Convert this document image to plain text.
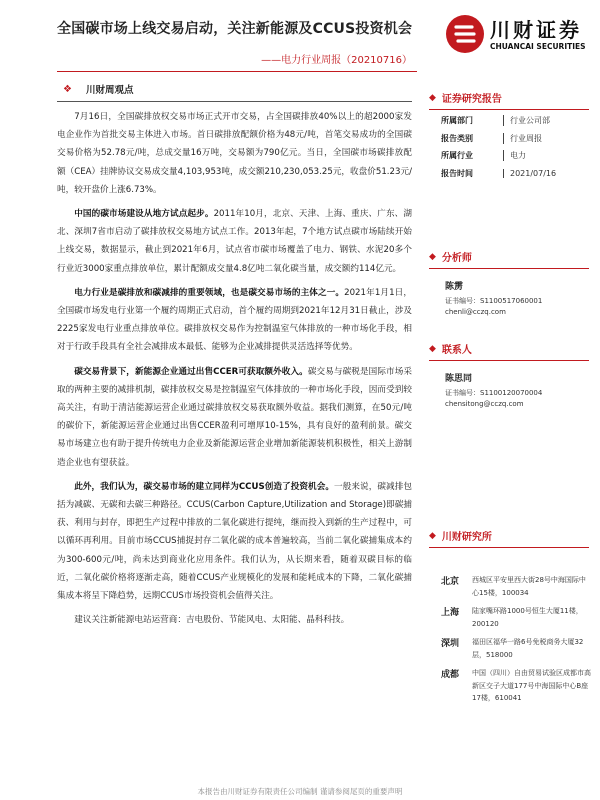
全国碳市场上线交易启动，关注新能源及CCUS投资机会
——电力行业周报（20210716）
川财证券
CHUANCAI SECURITIES
❖ 川财周观点

7月16日，全国碳排放权交易市场正式开市交易，占全国碳排放40%以上的超2000家发电企业作为首批交易主体进入市场。首日碳排放配额价格为48元/吨，首笔交易成功的全国碳交易价格为52.78元/吨，总成交量16万吨，交易额为790亿元。当日，全国碳市场碳排放配额（CEA）挂牌协议交易成交量4,103,953吨，成交额210,230,053.25元，收盘价51.23元/吨，较开盘价上涨6.73%。

中国的碳市场建设从地方试点起步。2011年10月，北京、天津、上海、重庆、广东、湖北、深圳7省市启动了碳排放权交易地方试点工作。2013年起，7个地方试点碳市场陆续开始上线交易，数据显示，截止到2021年6月，试点省市碳市场覆盖了电力、钢铁、水泥20多个行业近3000家重点排放单位，累计配额成交量4.8亿吨二氧化碳当量，成交额约114亿元。

电力行业是碳排放和碳减排的重要领域，也是碳交易市场的主体之一。2021年1月1日，全国碳市场发电行业第一个履约周期正式启动，首个履约周期到2021年12月31日截止，涉及2225家发电行业重点排放单位。碳排放权交易作为控制温室气体排放的一种市场化手段，相对于行政手段具有全社会减排成本最低、能够为企业减排提供灵活选择等优势。

碳交易背景下，新能源企业通过出售CCER可获取额外收入。碳交易与碳税是国际市场采取的两种主要的减排机制，碳排放权交易是控制温室气体排放的一种市场化手段，因而受到较高关注，有助于清洁能源运营企业通过碳排放权交易获取额外收益。据我们测算，在50元/吨的碳价下，新能源运营企业通过出售CCER盈利可增厚10-15%，具有良好的盈利前景。碳交易市场建立也有助于提升传统电力企业及新能源运营企业增加新能源装机积极性，相关上游制造企业也有望获益。

此外，我们认为，碳交易市场的建立同样为CCUS创造了投资机会。一般来说，碳减排包括为减碳、无碳和去碳三种路径。CCUS(Carbon Capture,Utilization and Storage)即碳捕获、利用与封存，即把生产过程中排放的二氧化碳进行提纯，继而投入到新的生产过程中，可以循环再利用。目前市场CCUS捕捉封存二氧化碳的成本普遍较高，当前二氧化碳捕集成本约为300-600元/吨，尚未达到商业化应用条件。我们认为，从长期来看，随着双碳目标的临近，二氧化碳价格将逐渐走高，随着CCUS产业规模化的发展和能耗成本的下降，二氧化碳捕集成本将呈下降趋势，远期CCUS市场投资机会值得关注。

建议关注新能源电站运营商：吉电股份、节能风电、太阳能、晶科科技。

◆ 证券研究报告
所属部门	行业公司部
报告类别	行业周报
所属行业	电力
报告时间	2021/07/16
◆ 分析师
陈雳
证书编号：S1100517060001
chenli@cczq.com
◆ 联系人
陈思同
证书编号：S1100120070004
chensitong@cczq.com
◆ 川财研究所
北京	西城区平安里西大街28号中海国际中心15楼，100034
上海	陆家嘴环路1000号恒生大厦11楼，200120
深圳	福田区福华一路6号免税商务大厦32层，518000
成都	中国（四川）自由贸易试验区成都市高新区交子大道177号中海国际中心B座17楼，610041
本报告由川财证券有限责任公司编制 谨请参阅尾页的重要声明
